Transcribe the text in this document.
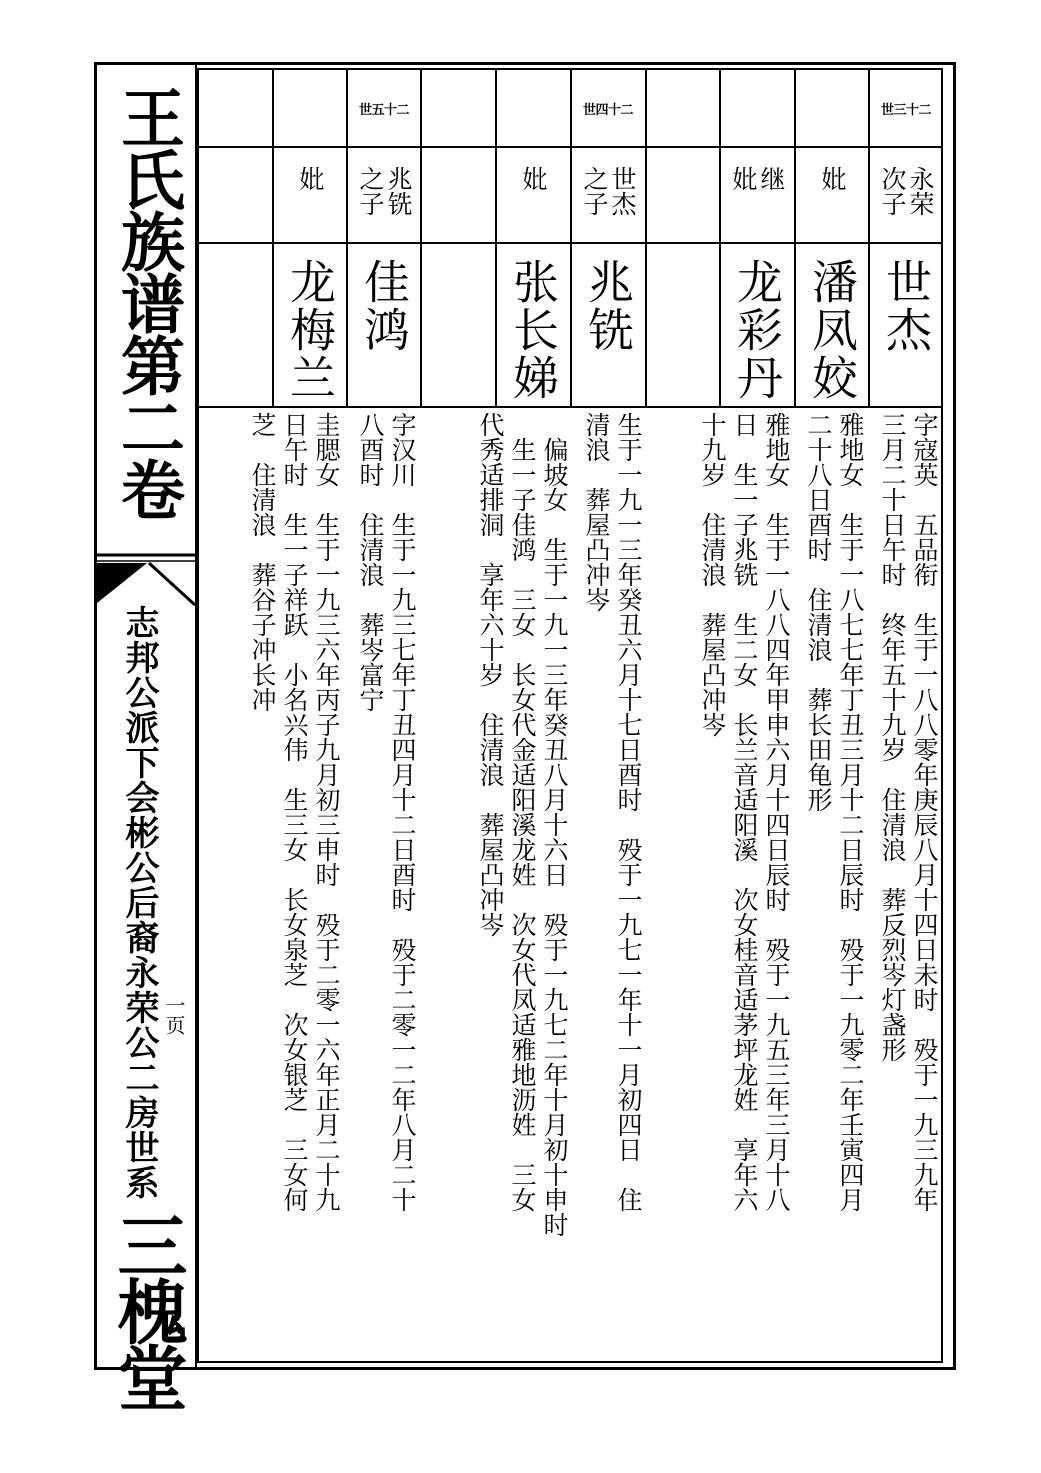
王氏族谱第二卷
志邦公派下会彬公后裔永荣公二房世系 一页
三槐堂
世三十二
永荣
次子
世杰
妣
潘凤姣
继
妣
龙彩丹
世四十二
世杰
之子
兆铣
妣
张长娣
世五十二
兆铣
之子
佳鸿
妣
龙梅兰
字寇英　五品衔　生于一八八零年庚辰八月十四日未时　殁于一九三九年
三月二十日午时　终年五十九岁　住清浪　葬反烈岑灯盏形
雅地女　生于一八七七年丁丑三月十二日辰时　殁于一九零二年壬寅四月
二十八日酉时　住清浪　葬长田龟形
雅地女　生于一八八四年甲申六月十四日辰时　殁于一九五三年三月十八
日　生一子兆铣　生二女　长兰音适阳溪　次女桂音适茅坪龙姓　享年六
十九岁　住清浪　葬屋凸冲岑
生于一九一三年癸丑六月十七日酉时　殁于一九七一年十一月初四日　住
清浪　葬屋凸冲岑
　偏坡女　生于一九一三年癸丑八月十六日　殁于一九七二年十月初十申时
　生一子佳鸿　三女　长女代金适阳溪龙姓　次女代凤适雅地沥姓　三女
代秀适排洞　享年六十岁　住清浪　葬屋凸冲岑
字汉川　生于一九三七年丁丑四月十二日酉时　殁于二零一二年八月二十
八酉时　住清浪　葬岑富宁
圭腮女　生于一九三六年丙子九月初三申时　殁于二零一六年正月二十九
日午时　生一子祥跃　小名兴伟　生三女　长女泉芝　次女银芝　三女何
芝　住清浪　葬谷子冲长冲
